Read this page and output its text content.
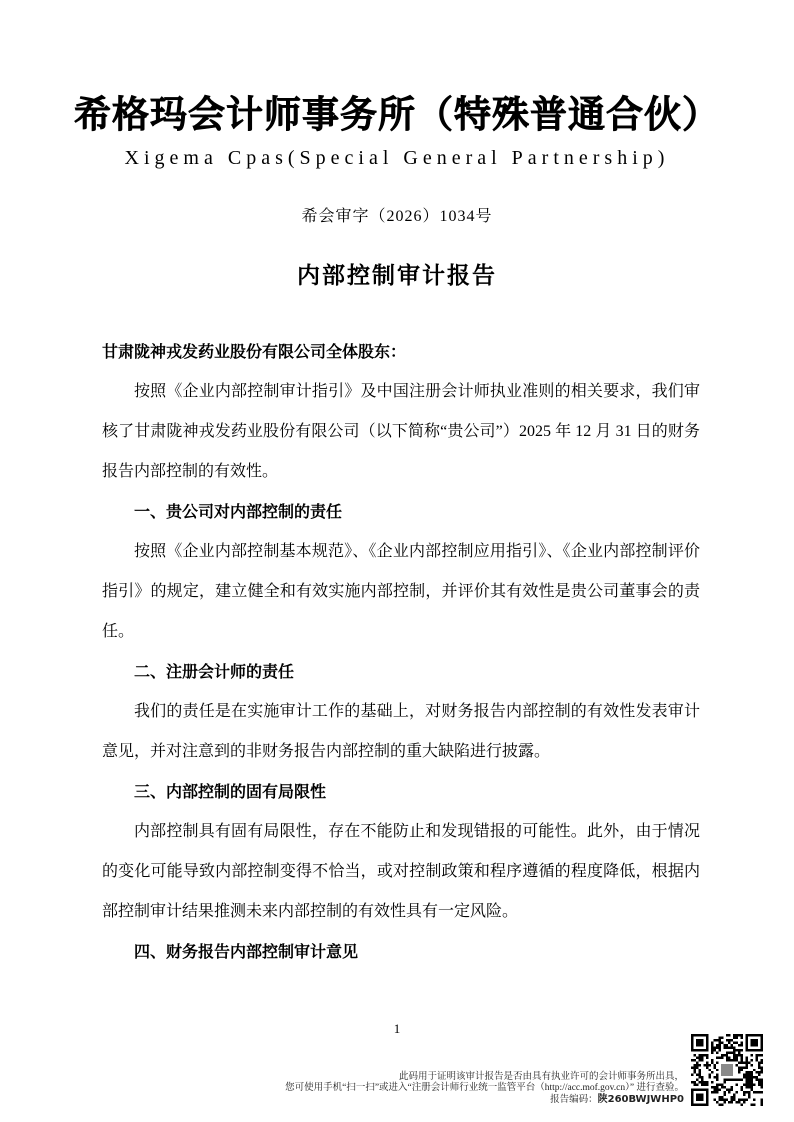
希格玛会计师事务所（特殊普通合伙）
Xigema Cpas(Special General Partnership)
希会审字（2026）1034号
内部控制审计报告

甘肃陇神戎发药业股份有限公司全体股东：

按照《企业内部控制审计指引》及中国注册会计师执业准则的相关要求，我们审核了甘肃陇神戎发药业股份有限公司（以下简称“贵公司”）2025 年 12 月 31 日的财务报告内部控制的有效性。

一、贵公司对内部控制的责任

按照《企业内部控制基本规范》、《企业内部控制应用指引》、《企业内部控制评价指引》的规定，建立健全和有效实施内部控制，并评价其有效性是贵公司董事会的责任。

二、注册会计师的责任

我们的责任是在实施审计工作的基础上，对财务报告内部控制的有效性发表审计意见，并对注意到的非财务报告内部控制的重大缺陷进行披露。

三、内部控制的固有局限性

内部控制具有固有局限性，存在不能防止和发现错报的可能性。此外，由于情况的变化可能导致内部控制变得不恰当，或对控制政策和程序遵循的程度降低，根据内部控制审计结果推测未来内部控制的有效性具有一定风险。

四、财务报告内部控制审计意见

1
此码用于证明该审计报告是否由具有执业许可的会计师事务所出具，
您可使用手机“扫一扫”或进入“注册会计师行业统一监管平台（http://acc.mof.gov.cn）” 进行查验。
报告编码：陕260BWJWHP0
